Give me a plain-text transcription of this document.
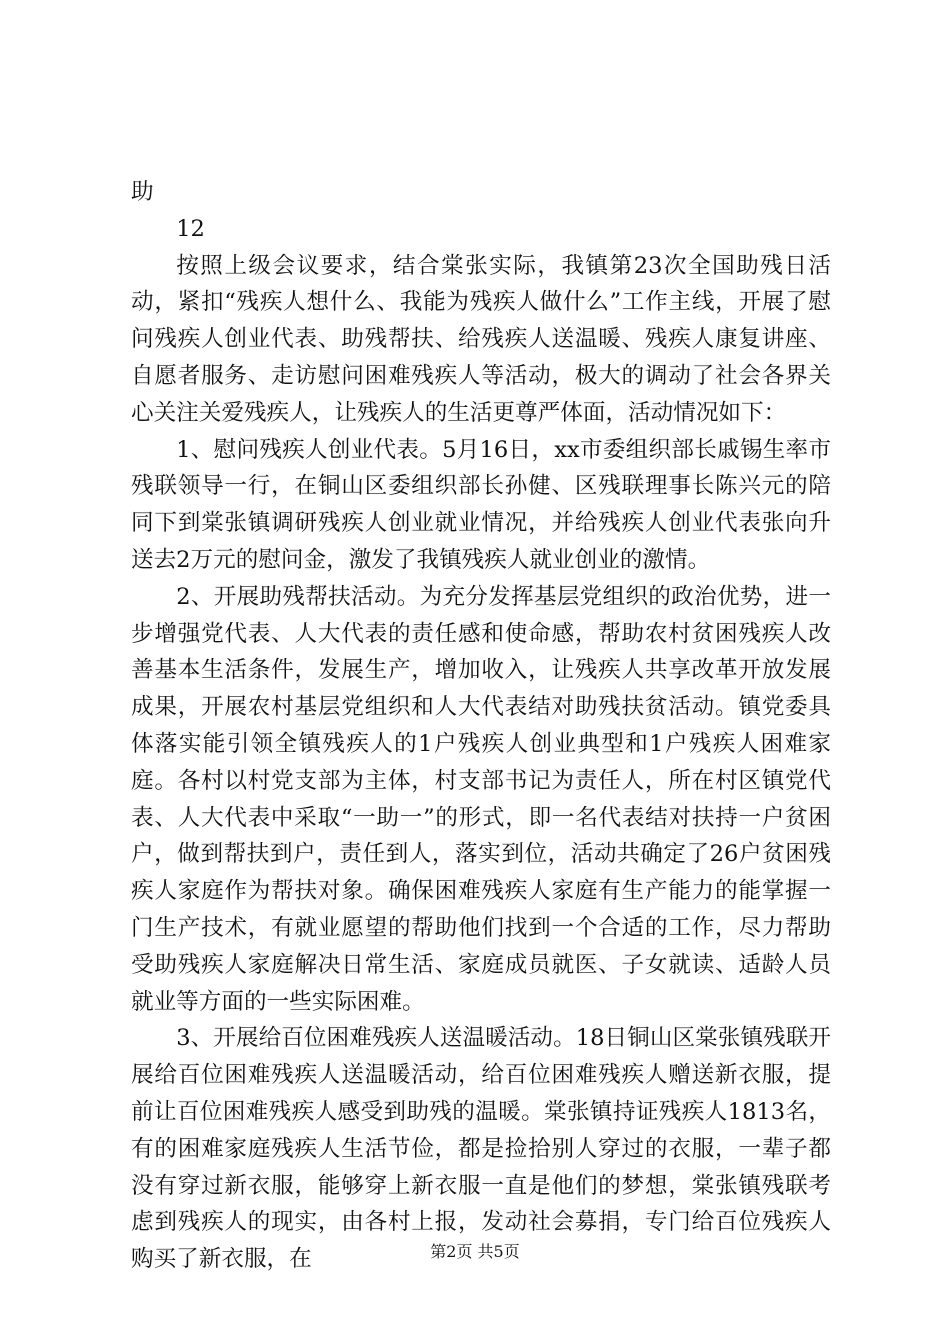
助

12

按照上级会议要求，结合棠张实际，我镇第23次全国助残日活动，紧扣“残疾人想什么、我能为残疾人做什么”工作主线，开展了慰问残疾人创业代表、助残帮扶、给残疾人送温暖、残疾人康复讲座、自愿者服务、走访慰问困难残疾人等活动，极大的调动了社会各界关心关注关爱残疾人，让残疾人的生活更尊严体面，活动情况如下：

1、慰问残疾人创业代表。5月16日，xx市委组织部长戚锡生率市残联领导一行，在铜山区委组织部长孙健、区残联理事长陈兴元的陪同下到棠张镇调研残疾人创业就业情况，并给残疾人创业代表张向升送去2万元的慰问金，激发了我镇残疾人就业创业的激情。

2、开展助残帮扶活动。为充分发挥基层党组织的政治优势，进一步增强党代表、人大代表的责任感和使命感，帮助农村贫困残疾人改善基本生活条件，发展生产，增加收入，让残疾人共享改革开放发展成果，开展农村基层党组织和人大代表结对助残扶贫活动。镇党委具体落实能引领全镇残疾人的1户残疾人创业典型和1户残疾人困难家庭。各村以村党支部为主体，村支部书记为责任人，所在村区镇党代表、人大代表中采取“一助一”的形式，即一名代表结对扶持一户贫困户，做到帮扶到户，责任到人，落实到位，活动共确定了26户贫困残疾人家庭作为帮扶对象。确保困难残疾人家庭有生产能力的能掌握一门生产技术，有就业愿望的帮助他们找到一个合适的工作，尽力帮助受助残疾人家庭解决日常生活、家庭成员就医、子女就读、适龄人员就业等方面的一些实际困难。

3、开展给百位困难残疾人送温暖活动。18日铜山区棠张镇残联开展给百位困难残疾人送温暖活动，给百位困难残疾人赠送新衣服，提前让百位困难残疾人感受到助残的温暖。棠张镇持证残疾人1813名，有的困难家庭残疾人生活节俭，都是捡拾别人穿过的衣服，一辈子都没有穿过新衣服，能够穿上新衣服一直是他们的梦想，棠张镇残联考虑到残疾人的现实，由各村上报，发动社会募捐，专门给百位残疾人购买了新衣服，在	第2页 共5页
